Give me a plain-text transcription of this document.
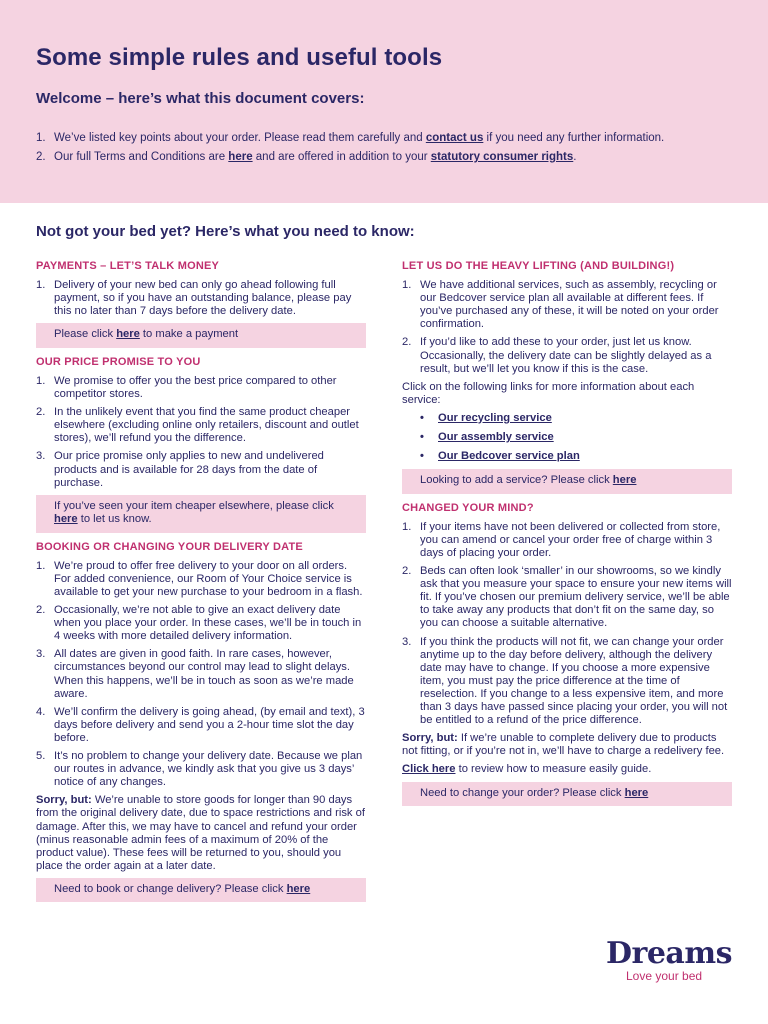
Some simple rules and useful tools
Welcome – here’s what this document covers:
1. We’ve listed key points about your order. Please read them carefully and contact us if you need any further information.
2. Our full Terms and Conditions are here and are offered in addition to your statutory consumer rights.
Not got your bed yet? Here’s what you need to know:
PAYMENTS – LET’S TALK MONEY
1. Delivery of your new bed can only go ahead following full payment, so if you have an outstanding balance, please pay this no later than 7 days before the delivery date.
Please click here to make a payment
OUR PRICE PROMISE TO YOU
1. We promise to offer you the best price compared to other competitor stores.
2. In the unlikely event that you find the same product cheaper elsewhere (excluding online only retailers, discount and outlet stores), we’ll refund you the difference.
3. Our price promise only applies to new and undelivered products and is available for 28 days from the date of purchase.
If you’ve seen your item cheaper elsewhere, please click here to let us know.
BOOKING OR CHANGING YOUR DELIVERY DATE
1. We’re proud to offer free delivery to your door on all orders. For added convenience, our Room of Your Choice service is available to get your new purchase to your bedroom in a flash.
2. Occasionally, we’re not able to give an exact delivery date when you place your order. In these cases, we’ll be in touch in 4 weeks with more detailed delivery information.
3. All dates are given in good faith. In rare cases, however, circumstances beyond our control may lead to slight delays. When this happens, we’ll be in touch as soon as we’re made aware.
4. We’ll confirm the delivery is going ahead, (by email and text), 3 days before delivery and send you a 2-hour time slot the day before.
5. It’s no problem to change your delivery date. Because we plan our routes in advance, we kindly ask that you give us 3 days’ notice of any changes.
Sorry, but: We’re unable to store goods for longer than 90 days from the original delivery date, due to space restrictions and risk of damage. After this, we may have to cancel and refund your order (minus reasonable admin fees of a maximum of 20% of the product value). These fees will be returned to you, should you place the order again at a later date.
Need to book or change delivery? Please click here
LET US DO THE HEAVY LIFTING (AND BUILDING!)
1. We have additional services, such as assembly, recycling or our Bedcover service plan all available at different fees. If you’ve purchased any of these, it will be noted on your order confirmation.
2. If you’d like to add these to your order, just let us know. Occasionally, the delivery date can be slightly delayed as a result, but we’ll let you know if this is the case.
Click on the following links for more information about each service:
•	Our recycling service
•	Our assembly service
•	Our Bedcover service plan
Looking to add a service? Please click here
CHANGED YOUR MIND?
1. If your items have not been delivered or collected from store, you can amend or cancel your order free of charge within 3 days of placing your order.
2. Beds can often look ‘smaller’ in our showrooms, so we kindly ask that you measure your space to ensure your new items will fit. If you’ve chosen our premium delivery service, we’ll be able to take away any products that don’t fit on the same day, so you can choose a suitable alternative.
3. If you think the products will not fit, we can change your order anytime up to the day before delivery, although the delivery date may have to change. If you choose a more expensive item, you must pay the price difference at the time of reselection. If you change to a less expensive item, and more than 3 days have passed since placing your order, you will not be entitled to a refund of the price difference.
Sorry, but: If we’re unable to complete delivery due to products not fitting, or if you’re not in, we’ll have to charge a redelivery fee.
Click here to review how to measure easily guide.
Need to change your order? Please click here
Dreams
Love your bed
